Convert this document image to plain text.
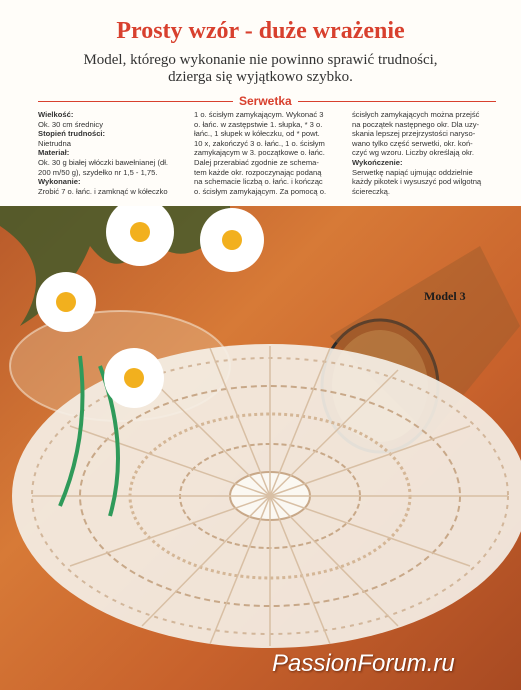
Prosty wzór - duże wrażenie

Model, którego wykonanie nie powinno sprawić trudności,
dzierga się wyjątkowo szybko.

Serwetka

Wielkość:

Ok. 30 cm średnicy

Stopień trudności:

Nietrudna

Materiał:

Ok. 30 g białej włóczki bawełnianej (dł.

200 m/50 g), szydełko nr 1,5 - 1,75.

Wykonanie:

Zrobić 7 o. łańc. i zamknąć w kółeczko

1 o. ścisłym zamykającym. Wykonać 3

o. łańc. w zastępstwie 1. słupka, * 3 o.

łańc., 1 słupek w kółeczku, od * powt.

10 x, zakończyć 3 o. łańc., 1 o. ścisłym

zamykającym w 3. początkowe o. łańc.

Dalej przerabiać zgodnie ze schema-

tem każde okr. rozpoczynając podaną

na schemacie liczbą o. łańc. i kończąc

o. ścisłym zamykającym. Za pomocą o.

ścisłych zamykających można przejść

na początek następnego okr. Dla uzy-

skania lepszej przejrzystości naryso-

wano tylko część serwetki, okr. koń-

czyć wg wzoru. Liczby określają okr.

Wykończenie:

Serwetkę napiąć ujmując oddzielnie

każdy pikotek i wysuszyć pod wilgotną

ściereczką.

Model 3
PassionForum.ru
